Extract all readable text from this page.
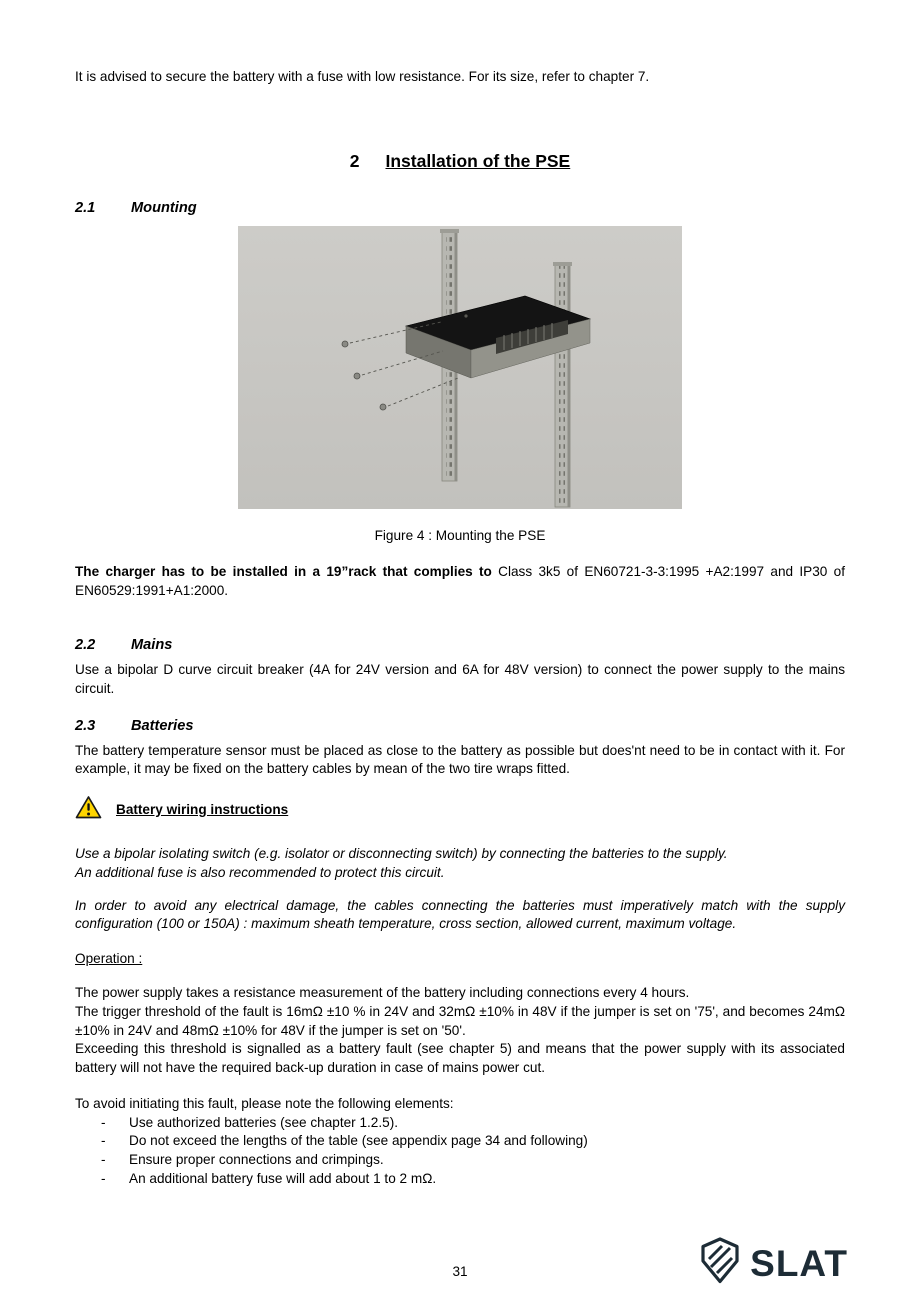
It is advised to secure the battery with a fuse with low resistance. For its size, refer to chapter 7.

2 Installation of the PSE
2.1 Mounting

Figure 4 : Mounting the PSE

The charger has to be installed in a 19”rack that complies to Class 3k5 of EN60721-3-3:1995 +A2:1997 and IP30 of EN60529:1991+A1:2000.

2.2 Mains

Use a bipolar D curve circuit breaker (4A for 24V version and 6A for 48V version) to connect the power supply to the mains circuit.

2.3 Batteries

The battery temperature sensor must be placed as close to the battery as possible but does'nt need to be in contact with it. For example, it may be fixed on the battery cables by mean of the two tire wraps fitted.

Battery wiring instructions
Use a bipolar isolating switch (e.g. isolator or disconnecting switch) by connecting the batteries to the supply.
An additional fuse is also recommended to protect this circuit.

In order to avoid any electrical damage, the cables connecting the batteries must imperatively match with the supply configuration (100 or 150A) : maximum sheath temperature, cross section, allowed current, maximum voltage.

Operation :

The power supply takes a resistance measurement of the battery including connections every 4 hours.

The trigger threshold of the fault is 16mΩ ±10 % in 24V and 32mΩ ±10% in 48V if the jumper is set on '75', and becomes 24mΩ ±10% in 24V and 48mΩ ±10% for 48V if the jumper is set on '50'.

Exceeding this threshold is signalled as a battery fault (see chapter 5) and means that the power supply with its associated battery will not have the required back-up duration in case of mains power cut.

To avoid initiating this fault, please note the following elements:

-	Use authorized batteries (see chapter 1.2.5).
-	Do not exceed the lengths of the table (see appendix page 34 and following)
-	Ensure proper connections and crimpings.
-	An additional battery fuse will add about 1 to 2 mΩ.
31	SLAT
